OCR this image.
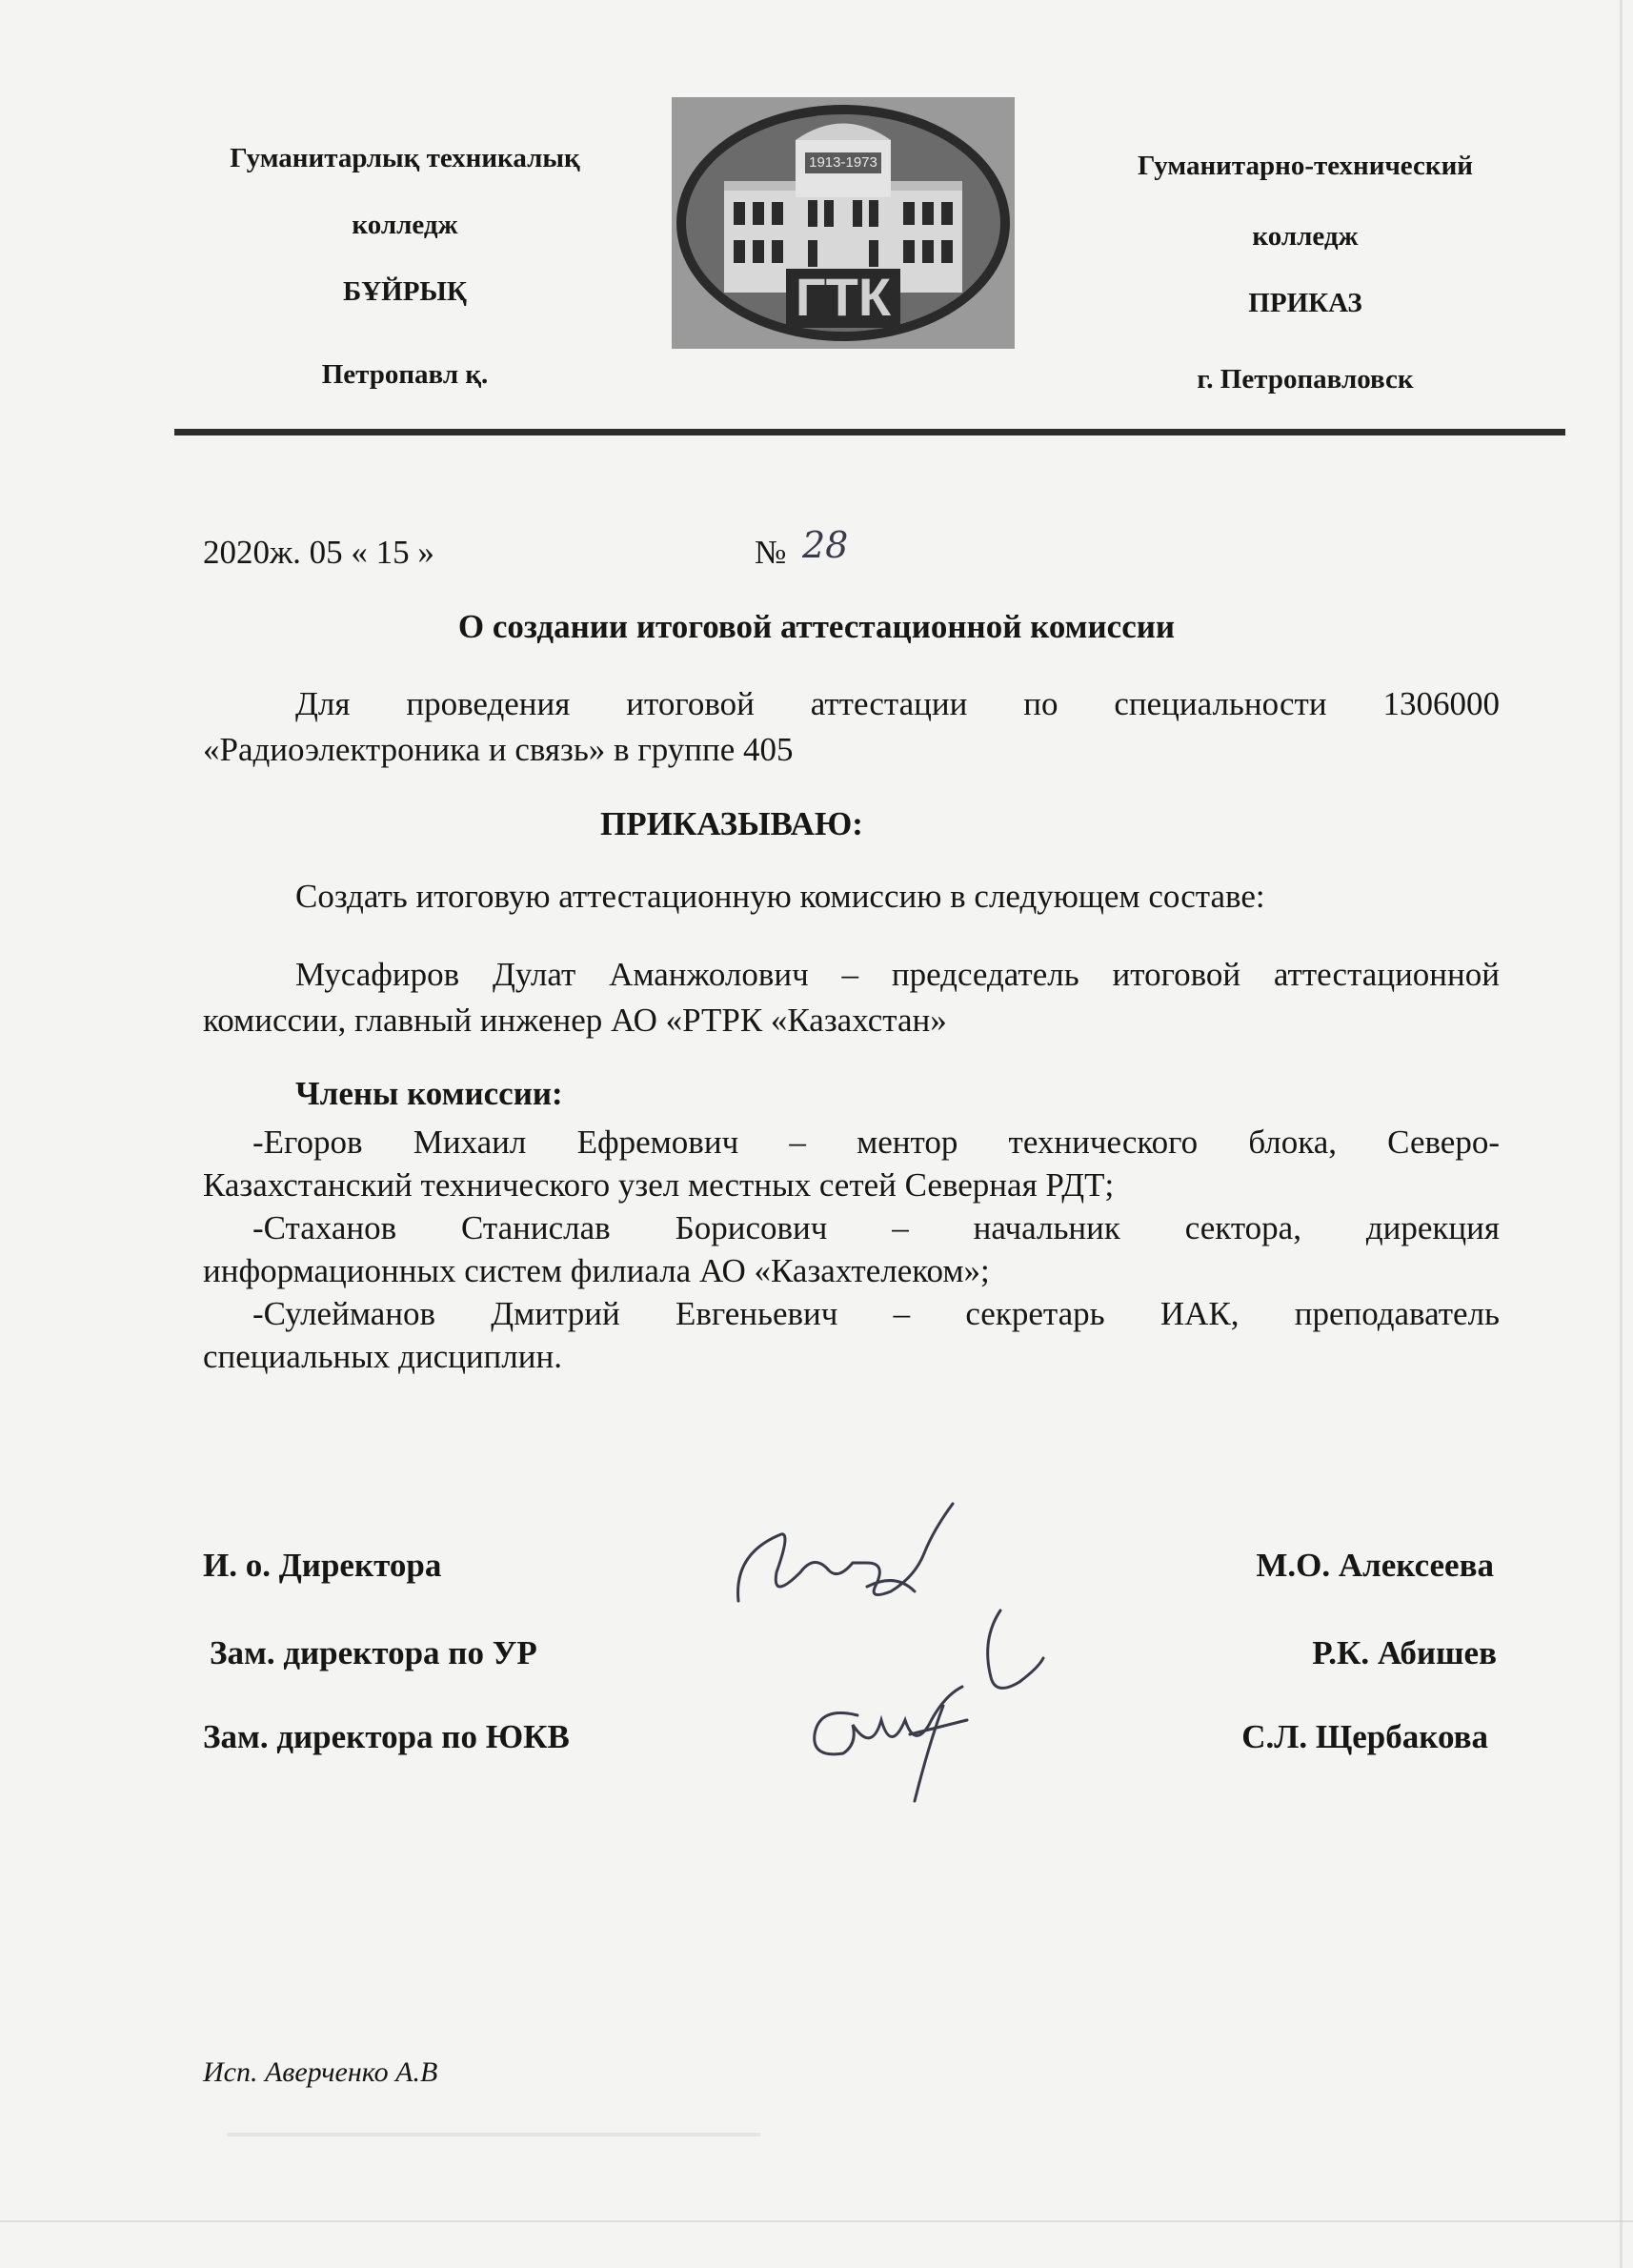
Гуманитарлық техникалық
колледж
БҰЙРЫҚ
Петропавл қ.
1913-1973
ГТК
Гуманитарно-технический
колледж
ПРИКАЗ
г. Петропавловск
2020ж. 05 « 15 »	№ 28
О создании итоговой аттестационной комиссии
Для проведения итоговой аттестации по специальности 1306000
«Радиоэлектроника и связь» в группе 405
ПРИКАЗЫВАЮ:
Создать итоговую аттестационную комиссию в следующем составе:
Мусафиров Дулат Аманжолович – председатель итоговой аттестационной
комиссии, главный инженер АО «РТРК «Казахстан»
Члены комиссии:
-Егоров Михаил Ефремович – ментор технического блока, Северо-
Казахстанский технического узел местных сетей Северная РДТ;
-Стаханов Станислав Борисович – начальник сектора, дирекция
информационных систем филиала АО «Казахтелеком»;
-Сулейманов Дмитрий Евгеньевич – секретарь ИАК, преподаватель
специальных дисциплин.
И. о. Директора	М.О. Алексеева
Зам. директора по УР	Р.К. Абишев
Зам. директора по ЮКВ	С.Л. Щербакова
Исп. Аверченко А.В
